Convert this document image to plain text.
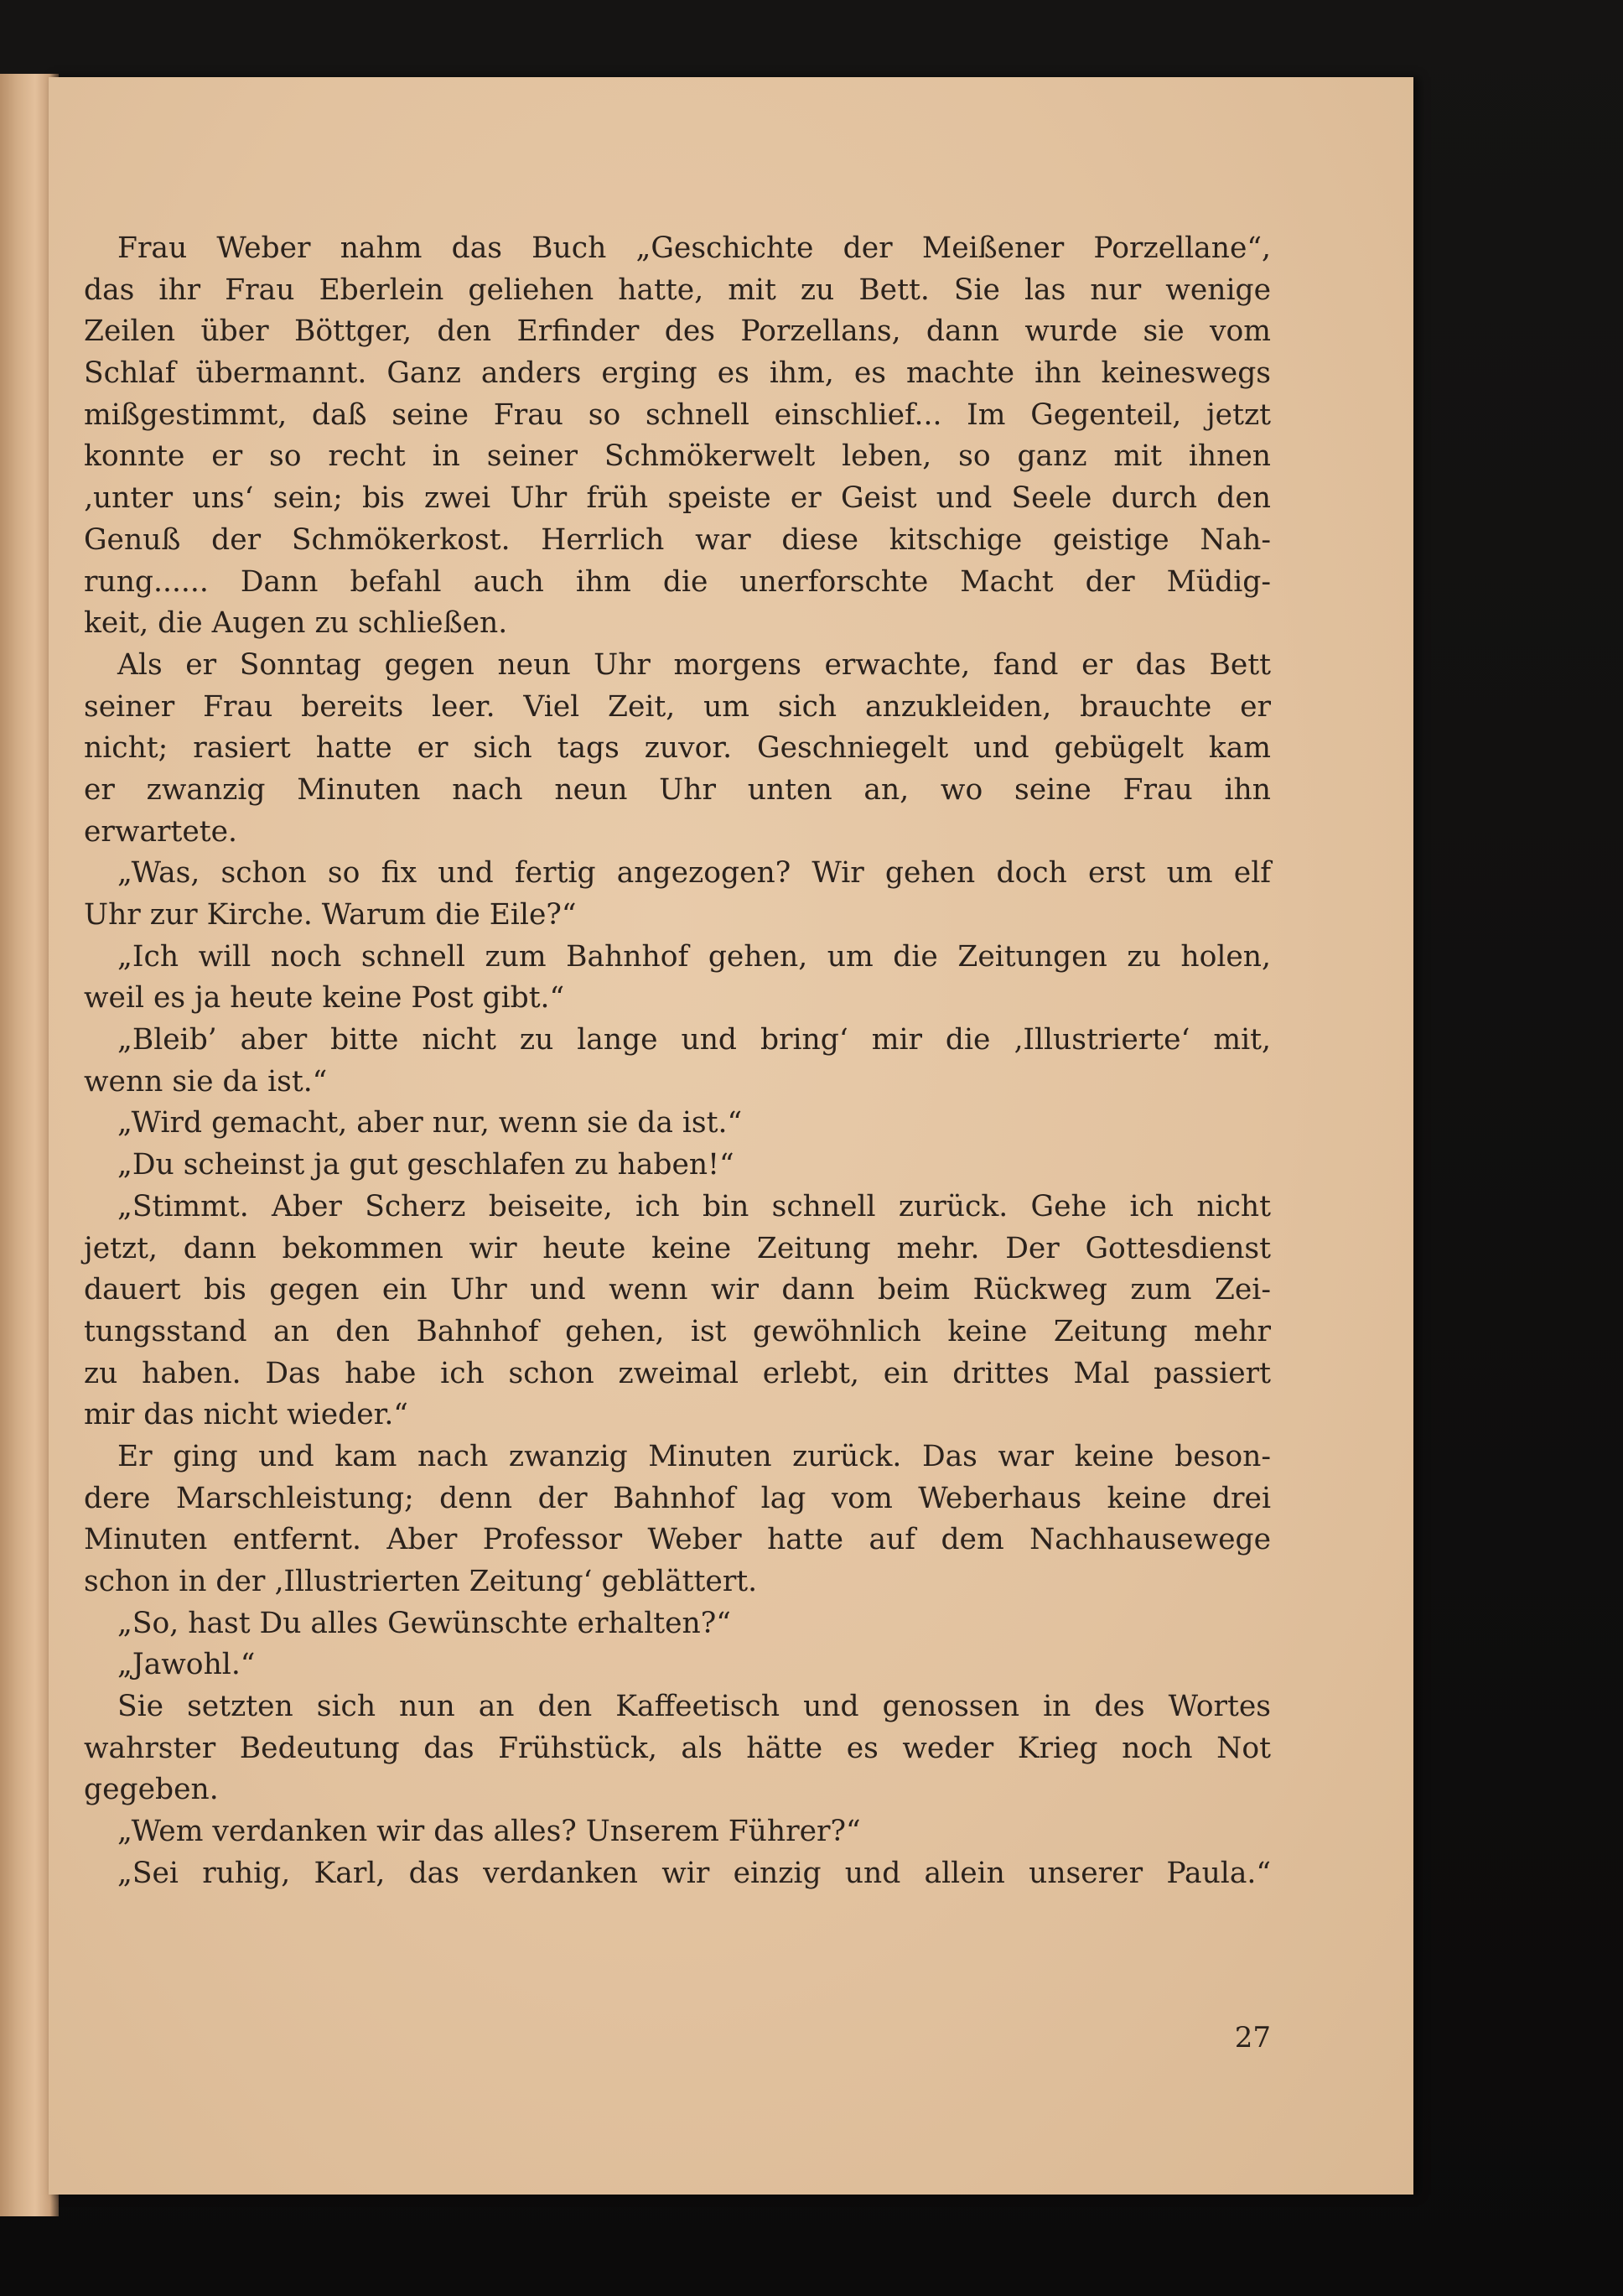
Frau Weber nahm das Buch „Geschichte der Meißener Porzellane“,
das ihr Frau Eberlein geliehen hatte, mit zu Bett. Sie las nur wenige
Zeilen über Böttger, den Erfinder des Porzellans, dann wurde sie vom
Schlaf übermannt. Ganz anders erging es ihm, es machte ihn keineswegs
mißgestimmt, daß seine Frau so schnell einschlief... Im Gegenteil, jetzt
konnte er so recht in seiner Schmökerwelt leben, so ganz mit ihnen
‚unter uns‘ sein; bis zwei Uhr früh speiste er Geist und Seele durch den
Genuß der Schmökerkost. Herrlich war diese kitschige geistige Nah-
rung...... Dann befahl auch ihm die unerforschte Macht der Müdig-
keit, die Augen zu schließen.
Als er Sonntag gegen neun Uhr morgens erwachte, fand er das Bett
seiner Frau bereits leer. Viel Zeit, um sich anzukleiden, brauchte er
nicht; rasiert hatte er sich tags zuvor. Geschniegelt und gebügelt kam
er zwanzig Minuten nach neun Uhr unten an, wo seine Frau ihn
erwartete.
„Was, schon so fix und fertig angezogen? Wir gehen doch erst um elf
Uhr zur Kirche. Warum die Eile?“
„Ich will noch schnell zum Bahnhof gehen, um die Zeitungen zu holen,
weil es ja heute keine Post gibt.“
„Bleib’ aber bitte nicht zu lange und bring‘ mir die ‚Illustrierte‘ mit,
wenn sie da ist.“
„Wird gemacht, aber nur, wenn sie da ist.“
„Du scheinst ja gut geschlafen zu haben!“
„Stimmt. Aber Scherz beiseite, ich bin schnell zurück. Gehe ich nicht
jetzt, dann bekommen wir heute keine Zeitung mehr. Der Gottesdienst
dauert bis gegen ein Uhr und wenn wir dann beim Rückweg zum Zei-
tungsstand an den Bahnhof gehen, ist gewöhnlich keine Zeitung mehr
zu haben. Das habe ich schon zweimal erlebt, ein drittes Mal passiert
mir das nicht wieder.“
Er ging und kam nach zwanzig Minuten zurück. Das war keine beson-
dere Marschleistung; denn der Bahnhof lag vom Weberhaus keine drei
Minuten entfernt. Aber Professor Weber hatte auf dem Nachhausewege
schon in der ‚Illustrierten Zeitung‘ geblättert.
„So, hast Du alles Gewünschte erhalten?“
„Jawohl.“
Sie setzten sich nun an den Kaffeetisch und genossen in des Wortes
wahrster Bedeutung das Frühstück, als hätte es weder Krieg noch Not
gegeben.
„Wem verdanken wir das alles? Unserem Führer?“
„Sei ruhig, Karl, das verdanken wir einzig und allein unserer Paula.“
27
